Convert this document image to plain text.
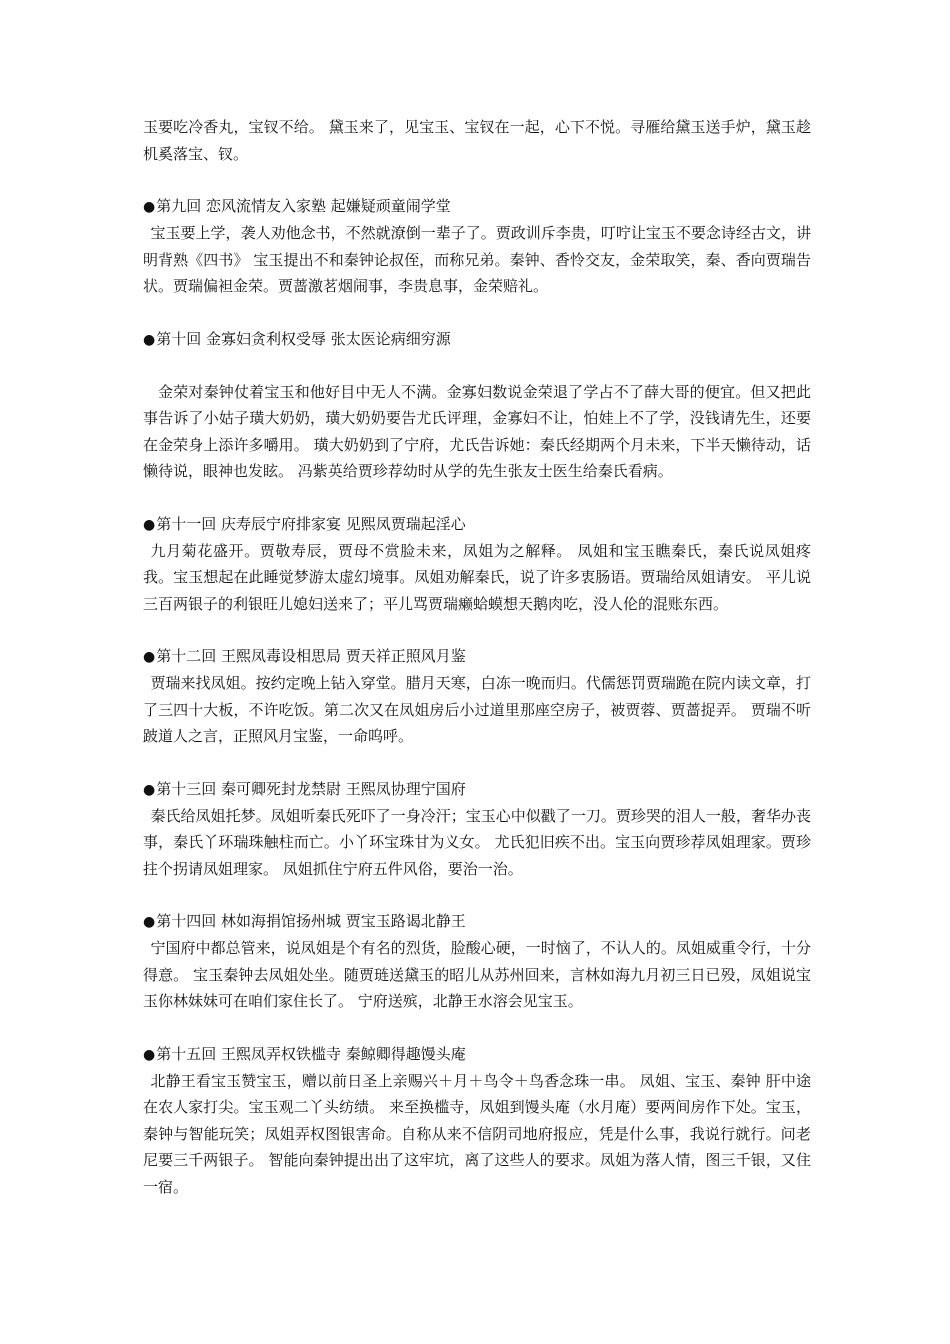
玉要吃冷香丸，宝钗不给。 黛玉来了，见宝玉、宝钗在一起，心下不悦。寻雁给黛玉送手炉，黛玉趁机奚落宝、钗。

●第九回 恋风流情友入家塾 起嫌疑顽童闹学堂

宝玉要上学，袭人劝他念书，不然就潦倒一辈子了。贾政训斥李贵，叮咛让宝玉不要念诗经古文，讲明背熟《四书》 宝玉提出不和秦钟论叔侄，而称兄弟。秦钟、香怜交友，金荣取笑，秦、香向贾瑞告状。贾瑞偏袒金荣。贾蔷激茗烟闹事，李贵息事，金荣赔礼。

●第十回 金寡妇贪利权受辱 张太医论病细穷源

金荣对秦钟仗着宝玉和他好目中无人不满。金寡妇数说金荣退了学占不了薛大哥的便宜。但又把此事告诉了小姑子璜大奶奶，璜大奶奶要告尤氏评理，金寡妇不让，怕娃上不了学，没钱请先生，还要在金荣身上添许多嚼用。 璜大奶奶到了宁府，尤氏告诉她：秦氏经期两个月未来，下半天懒待动，话懒待说，眼神也发眩。 冯紫英给贾珍荐幼时从学的先生张友士医生给秦氏看病。

●第十一回 庆寿辰宁府排家宴 见熙凤贾瑞起淫心

九月菊花盛开。贾敬寿辰，贾母不赏脸未来，凤姐为之解释。 凤姐和宝玉瞧秦氏，秦氏说凤姐疼我。宝玉想起在此睡觉梦游太虚幻境事。凤姐劝解秦氏，说了许多衷肠语。贾瑞给凤姐请安。 平儿说三百两银子的利银旺儿媳妇送来了；平儿骂贾瑞癞蛤蟆想天鹅肉吃，没人伦的混账东西。

●第十二回 王熙凤毒设相思局 贾天祥正照风月鉴

贾瑞来找凤姐。按约定晚上钻入穿堂。腊月天寒，白冻一晚而归。代儒惩罚贾瑞跪在院内读文章，打了三四十大板，不许吃饭。第二次又在凤姐房后小过道里那座空房子，被贾蓉、贾蔷捉弄。 贾瑞不听跛道人之言，正照风月宝鉴，一命呜呼。

●第十三回 秦可卿死封龙禁尉 王熙凤协理宁国府

秦氏给凤姐托梦。凤姐听秦氏死吓了一身冷汗；宝玉心中似戳了一刀。贾珍哭的泪人一般，奢华办丧事，秦氏丫环瑞珠触柱而亡。小丫环宝珠甘为义女。 尤氏犯旧疾不出。宝玉向贾珍荐凤姐理家。贾珍拄个拐请凤姐理家。 凤姐抓住宁府五件风俗，要治一治。

●第十四回 林如海捐馆扬州城 贾宝玉路谒北静王

宁国府中都总管来，说凤姐是个有名的烈货，脸酸心硬，一时恼了，不认人的。凤姐威重令行，十分得意。 宝玉秦钟去凤姐处坐。随贾琏送黛玉的昭儿从苏州回来，言林如海九月初三日已殁，凤姐说宝玉你林妹妹可在咱们家住长了。 宁府送殡，北静王水溶会见宝玉。

●第十五回 王熙凤弄权铁槛寺 秦鲸卿得趣馒头庵

北静王看宝玉赞宝玉，赠以前日圣上亲赐兴＋月＋鸟令＋鸟香念珠一串。 凤姐、宝玉、秦钟 肝中途在农人家打尖。宝玉观二丫头纺绩。 来至换槛寺，凤姐到馒头庵（水月庵）要两间房作下处。宝玉，秦钟与智能玩笑；凤姐弄权图银害命。自称从来不信阴司地府报应，凭是什么事，我说行就行。问老尼要三千两银子。 智能向秦钟提出出了这牢坑，离了这些人的要求。凤姐为落人情，图三千银，又住一宿。
